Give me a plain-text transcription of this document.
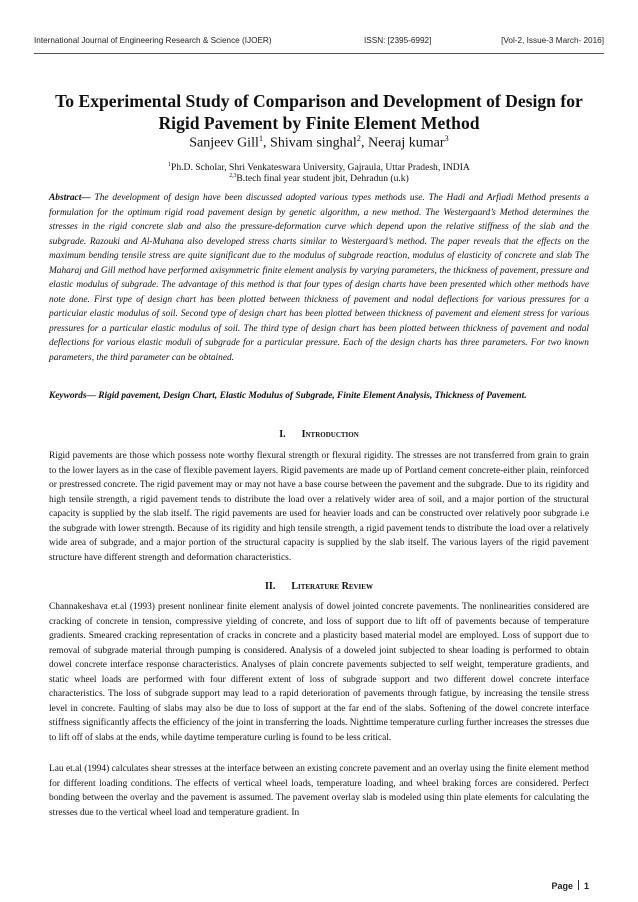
International Journal of Engineering Research & Science (IJOER)	ISSN: [2395-6992]	[Vol-2, Issue-3 March- 2016]
To Experimental Study of Comparison and Development of Design for Rigid Pavement by Finite Element Method
Sanjeev Gill$^1$, Shivam singhal$^2$, Neeraj kumar$^3$
$^1$Ph.D. Scholar, Shri Venkateswara University, Gajraula, Uttar Pradesh, INDIA
$^{2,3}$B.tech final year student jbit, Dehradun (u.k)
Abstract— The development of design have been discussed adopted various types methods use. The Hadi and Arfiadi Method presents a formulation for the optimum rigid road pavement design by genetic algorithm, a new method. The Westergaard’s Method determines the stresses in the rigid concrete slab and also the pressure-deformation curve which depend upon the relative stiffness of the slab and the subgrade. Razouki and Al-Muhana also developed stress charts similar to Westergaard’s method. The paper reveals that the effects on the maximum bending tensile stress are quite significant due to the modulus of subgrade reaction, modulus of elasticity of concrete and slab The Maharaj and Gill method have performed axisymmetric finite element analysis by varying parameters, the thickness of pavement, pressure and elastic modulus of subgrade. The advantage of this method is that four types of design charts have been presented which other methods have note done. First type of design chart has been plotted between thickness of pavement and nodal deflections for various pressures for a particular elastic modulus of soil. Second type of design chart has been plotted between thickness of pavement and element stress for various pressures for a particular elastic modulus of soil. The third type of design chart has been plotted between thickness of pavement and nodal deflections for various elastic moduli of subgrade for a particular pressure. Each of the design charts has three parameters. For two known parameters, the third parameter can be obtained.
Keywords— Rigid pavement, Design Chart, Elastic Modulus of Subgrade, Finite Element Analysis, Thickness of Pavement.
I. Introduction
Rigid pavements are those which possess note worthy flexural strength or flexural rigidity. The stresses are not transferred from grain to grain to the lower layers as in the case of flexible pavement layers. Rigid pavements are made up of Portland cement concrete-either plain, reinforced or prestressed concrete. The rigid pavement may or may not have a base course between the pavement and the subgrade. Due to its rigidity and high tensile strength, a rigid pavement tends to distribute the load over a relatively wider area of soil, and a major portion of the structural capacity is supplied by the slab itself. The rigid pavements are used for heavier loads and can be constructed over relatively poor subgrade i.e the subgrade with lower strength. Because of its rigidity and high tensile strength, a rigid pavement tends to distribute the load over a relatively wide area of subgrade, and a major portion of the structural capacity is supplied by the slab itself. The various layers of the rigid pavement structure have different strength and deformation characteristics.
II. Literature Review
Channakeshava et.al (1993) present nonlinear finite element analysis of dowel jointed concrete pavements. The nonlinearities considered are cracking of concrete in tension, compressive yielding of concrete, and loss of support due to lift off of pavements because of temperature gradients. Smeared cracking representation of cracks in concrete and a plasticity based material model are employed. Loss of support due to removal of subgrade material through pumping is considered. Analysis of a doweled joint subjected to shear loading is performed to obtain dowel concrete interface response characteristics. Analyses of plain concrete pavements subjected to self weight, temperature gradients, and static wheel loads are performed with four different extent of loss of subgrade support and two different dowel concrete interface characteristics. The loss of subgrade support may lead to a rapid deterioration of pavements through fatigue, by increasing the tensile stress level in concrete. Faulting of slabs may also be due to loss of support at the far end of the slabs. Softening of the dowel concrete interface stiffness significantly affects the efficiency of the joint in transferring the loads. Nighttime temperature curling further increases the stresses due to lift off of slabs at the ends, while daytime temperature curling is found to be less critical.
Lau et.al (1994) calculates shear stresses at the interface between an existing concrete pavement and an overlay using the finite element method for different loading conditions. The effects of vertical wheel loads, temperature loading, and wheel braking forces are considered. Perfect bonding between the overlay and the pavement is assumed. The pavement overlay slab is modeled using thin plate elements for calculating the stresses due to the vertical wheel load and temperature gradient. In
Page 1
